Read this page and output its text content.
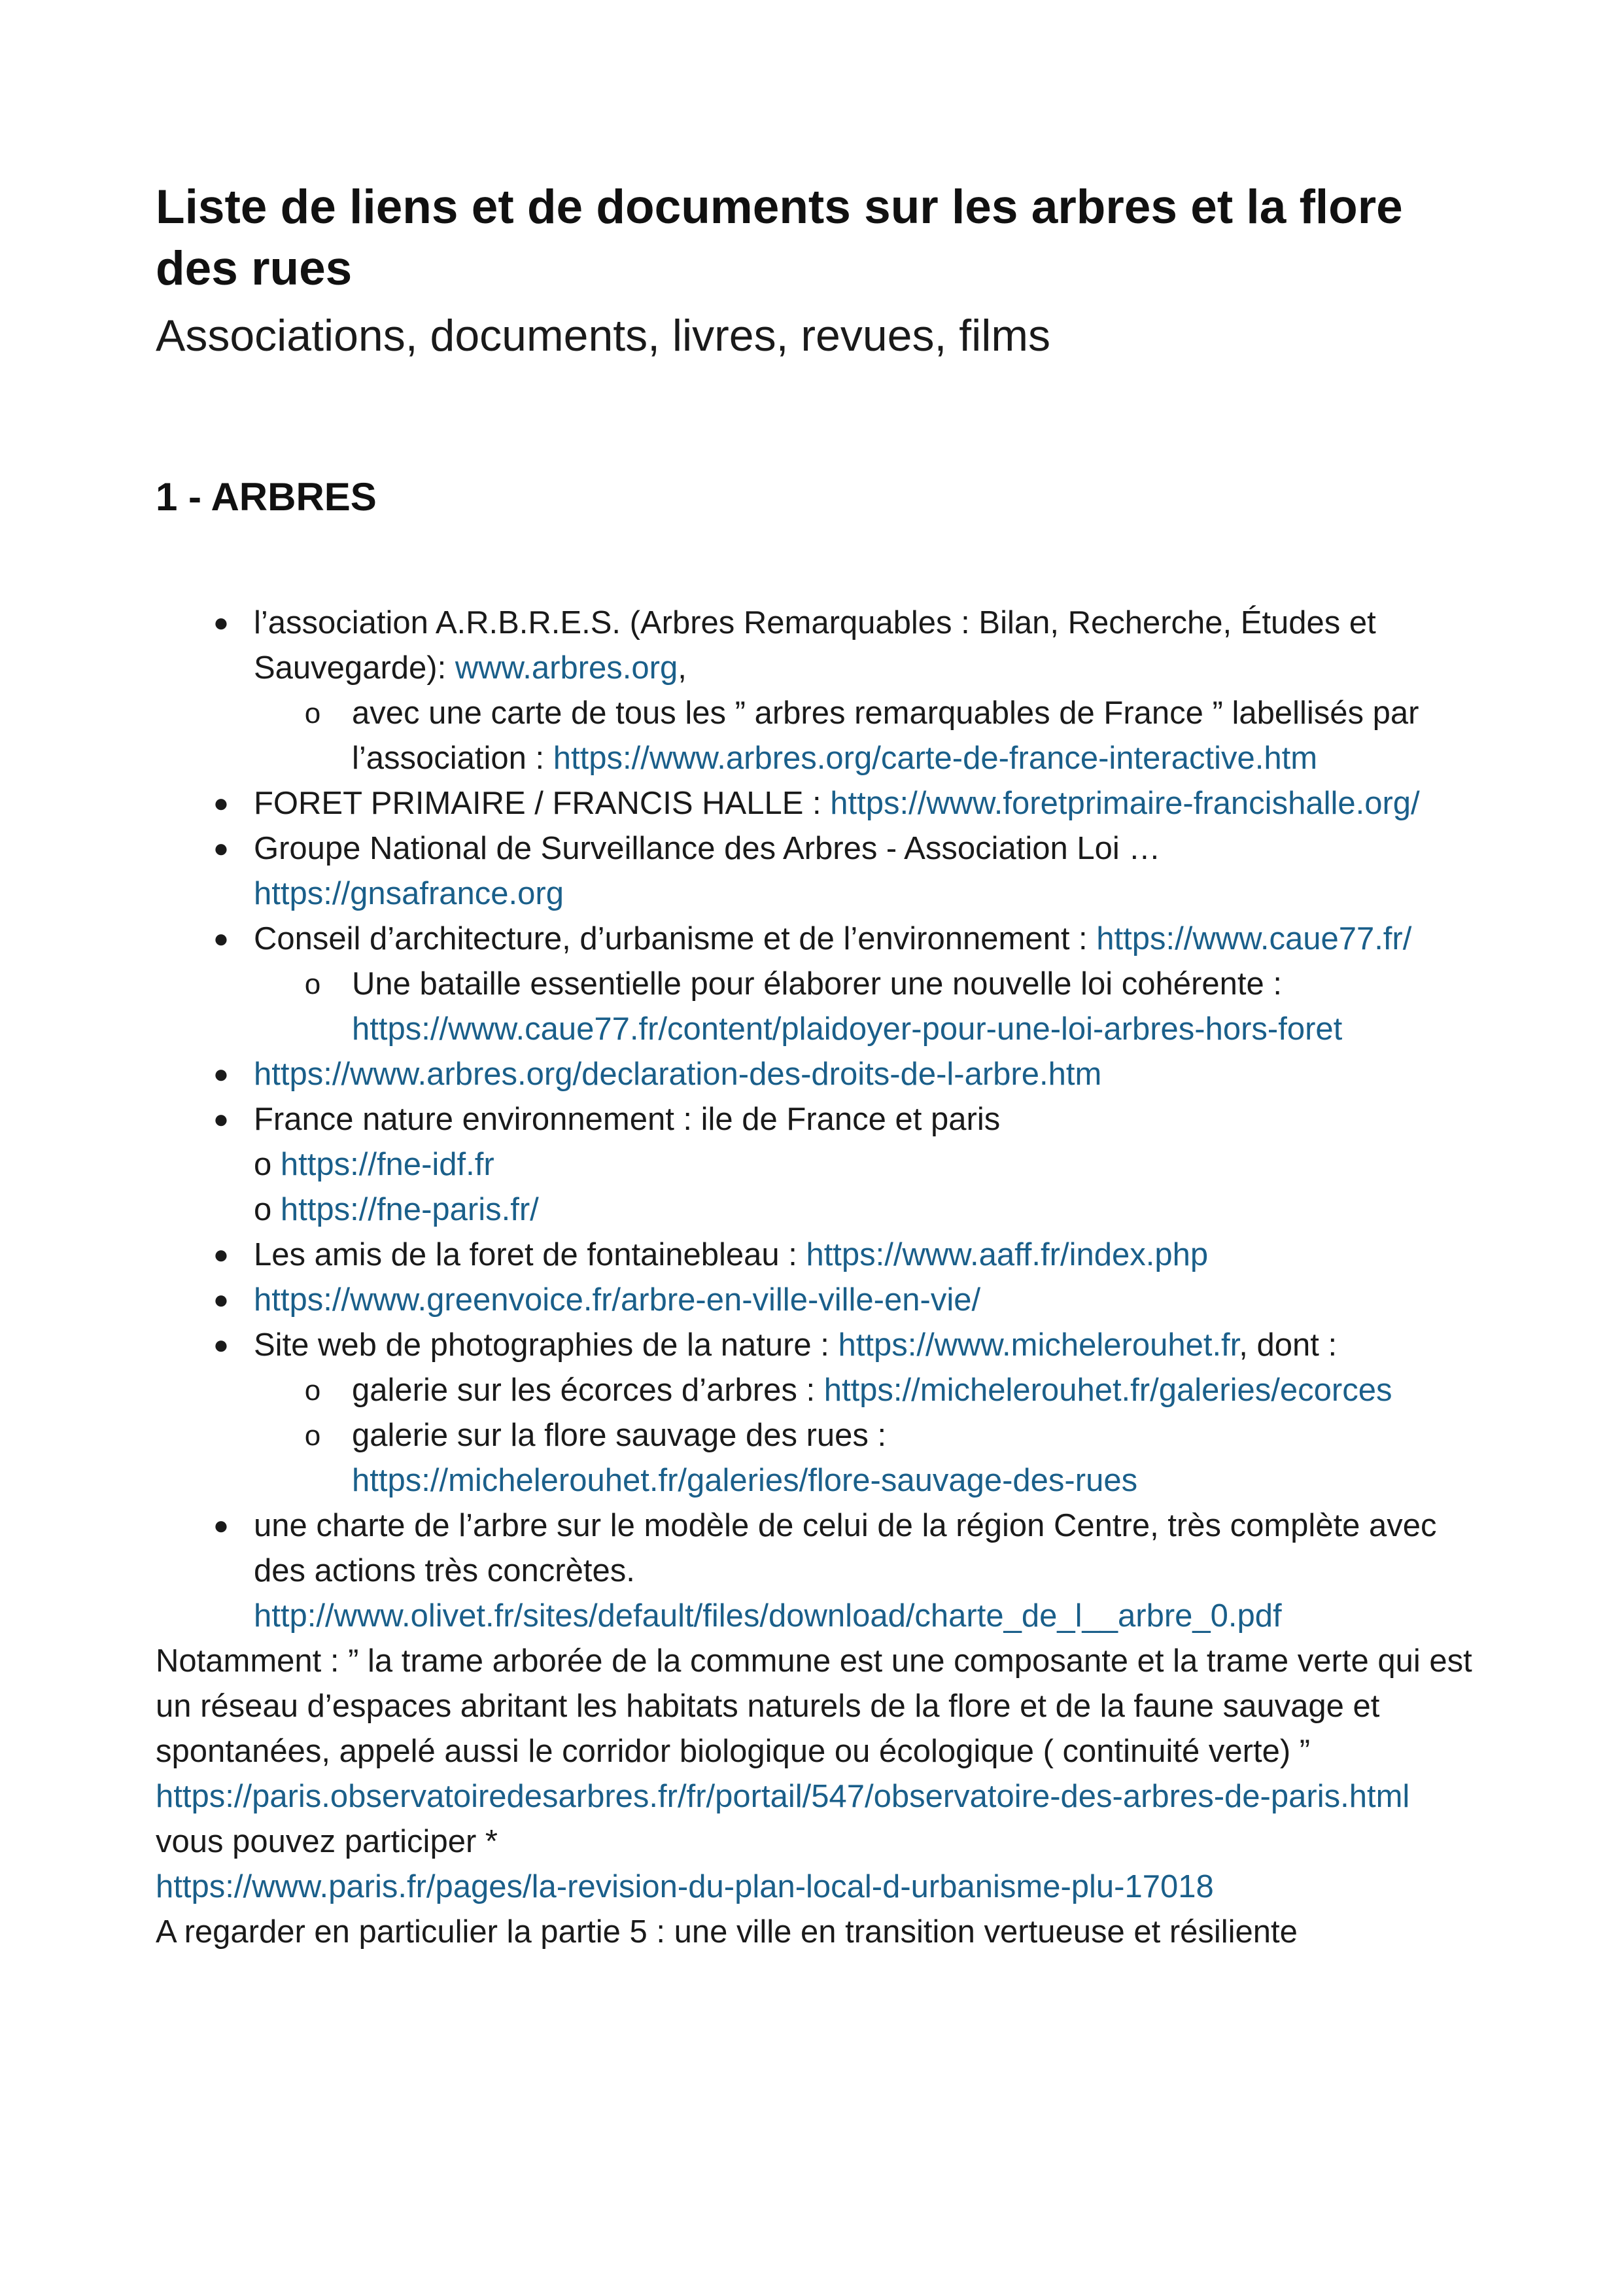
Liste de liens et de documents sur les arbres et la flore des rues
Associations, documents, livres, revues, films
1 - ARBRES
● l’association A.R.B.R.E.S. (Arbres Remarquables : Bilan, Recherche, Études et Sauvegarde): www.arbres.org,
o avec une carte de tous les ” arbres remarquables de France ” labellisés par l’association : https://www.arbres.org/carte-de-france-interactive.htm
● FORET PRIMAIRE / FRANCIS HALLE : https://www.foretprimaire-francishalle.org/
● Groupe National de Surveillance des Arbres - Association Loi …
https://gnsafrance.org
● Conseil d’architecture, d’urbanisme et de l’environnement : https://www.caue77.fr/
o Une bataille essentielle pour élaborer une nouvelle loi cohérente :
https://www.caue77.fr/content/plaidoyer-pour-une-loi-arbres-hors-foret
● https://www.arbres.org/declaration-des-droits-de-l-arbre.htm
● France nature environnement : ile de France et paris
o https://fne-idf.fr
o https://fne-paris.fr/
● Les amis de la foret de fontainebleau : https://www.aaff.fr/index.php
● https://www.greenvoice.fr/arbre-en-ville-ville-en-vie/
● Site web de photographies de la nature : https://www.michelerouhet.fr, dont :
o galerie sur les écorces d’arbres : https://michelerouhet.fr/galeries/ecorces
o galerie sur la flore sauvage des rues :
https://michelerouhet.fr/galeries/flore-sauvage-des-rues
● une charte de l’arbre sur le modèle de celui de la région Centre, très complète avec des actions très concrètes.
http://www.olivet.fr/sites/default/files/download/charte_de_l__arbre_0.pdf

Notamment : ” la trame arborée de la commune est une composante et la trame verte qui est un réseau d’espaces abritant les habitats naturels de la flore et de la faune sauvage et spontanées, appelé aussi le corridor biologique ou écologique ( continuité verte) ”

https://paris.observatoiredesarbres.fr/fr/portail/547/observatoire-des-arbres-de-paris.html

vous pouvez participer *

https://www.paris.fr/pages/la-revision-du-plan-local-d-urbanisme-plu-17018

A regarder en particulier la partie 5 : une ville en transition vertueuse et résiliente
